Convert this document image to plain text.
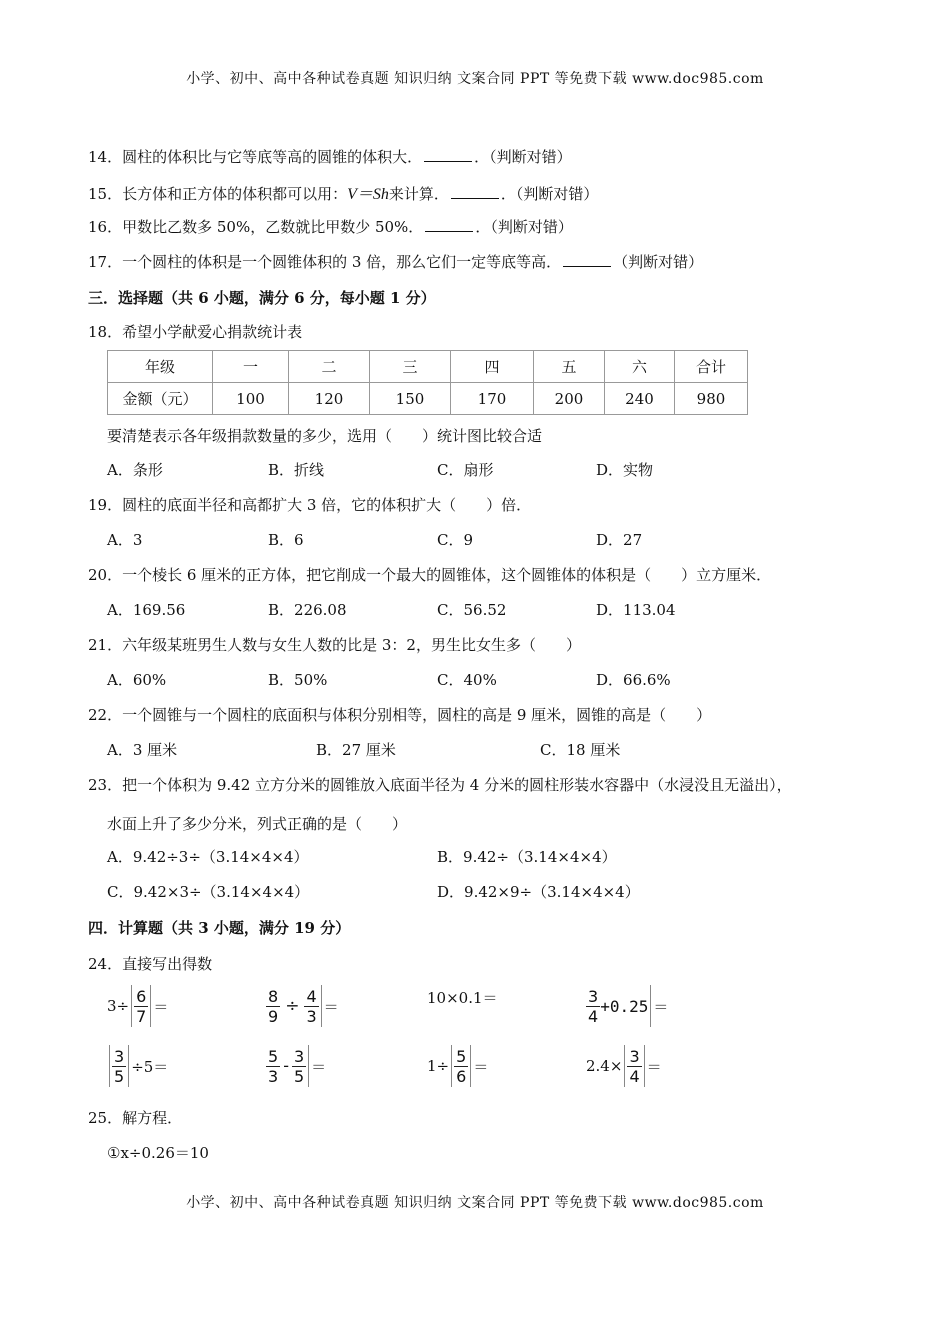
小学、初中、高中各种试卷真题 知识归纳 文案合同 PPT 等免费下载 www.doc985.com
14．圆柱的体积比与它等底等高的圆锥的体积大．	．（判断对错）
15．长方体和正方体的体积都可以用：V＝Sh来计算．	．（判断对错）
16．甲数比乙数多 50%，乙数就比甲数少 50%．	．（判断对错）
17．一个圆柱的体积是一个圆锥体积的 3 倍，那么它们一定等底等高．	（判断对错）
三．选择题（共 6 小题，满分 6 分，每小题 1 分）
18．希望小学献爱心捐款统计表
年级	一	二	三	四	五	六	合计
金额（元）	100	120	150	170	200	240	980
要清楚表示各年级捐款数量的多少，选用（　　）统计图比较合适
A．条形	B．折线	C．扇形	D．实物
19．圆柱的底面半径和高都扩大 3 倍，它的体积扩大（　　）倍．
A．3	B．6	C．9	D．27
20．一个棱长 6 厘米的正方体，把它削成一个最大的圆锥体，这个圆锥体的体积是（　　）立方厘米．
A．169.56	B．226.08	C．56.52	D．113.04
21．六年级某班男生人数与女生人数的比是 3：2，男生比女生多（　　）
A．60%	B．50%	C．40%	D．66.6%
22．一个圆锥与一个圆柱的底面积与体积分别相等，圆柱的高是 9 厘米，圆锥的高是（　　）
A．3 厘米	B．27 厘米	C．18 厘米
23．把一个体积为 9.42 立方分米的圆锥放入底面半径为 4 分米的圆柱形装水容器中（水浸没且无溢出），
水面上升了多少分米，列式正确的是（　　）
A．9.42÷3÷（3.14×4×4）	B．9.42÷（3.14×4×4）
C．9.42×3÷（3.14×4×4）	D．9.42×9÷（3.14×4×4）
四．计算题（共 3 小题，满分 19 分）
24．直接写出得数
$3\div \frac{6}{7}$ ＝	$\frac{8}{9} \div \frac{4}{3}$ ＝	10×0.1＝	$\frac{3}{4} +0.25$ ＝
$\frac{3}{5} \div 5=$	$\frac{5}{3} - \frac{3}{5}$ ＝	$1\div \frac{5}{6}$ ＝	$2.4\times \frac{3}{4}$ ＝
25．解方程．
①x÷0.26＝10
小学、初中、高中各种试卷真题 知识归纳 文案合同 PPT 等免费下载 www.doc985.com
